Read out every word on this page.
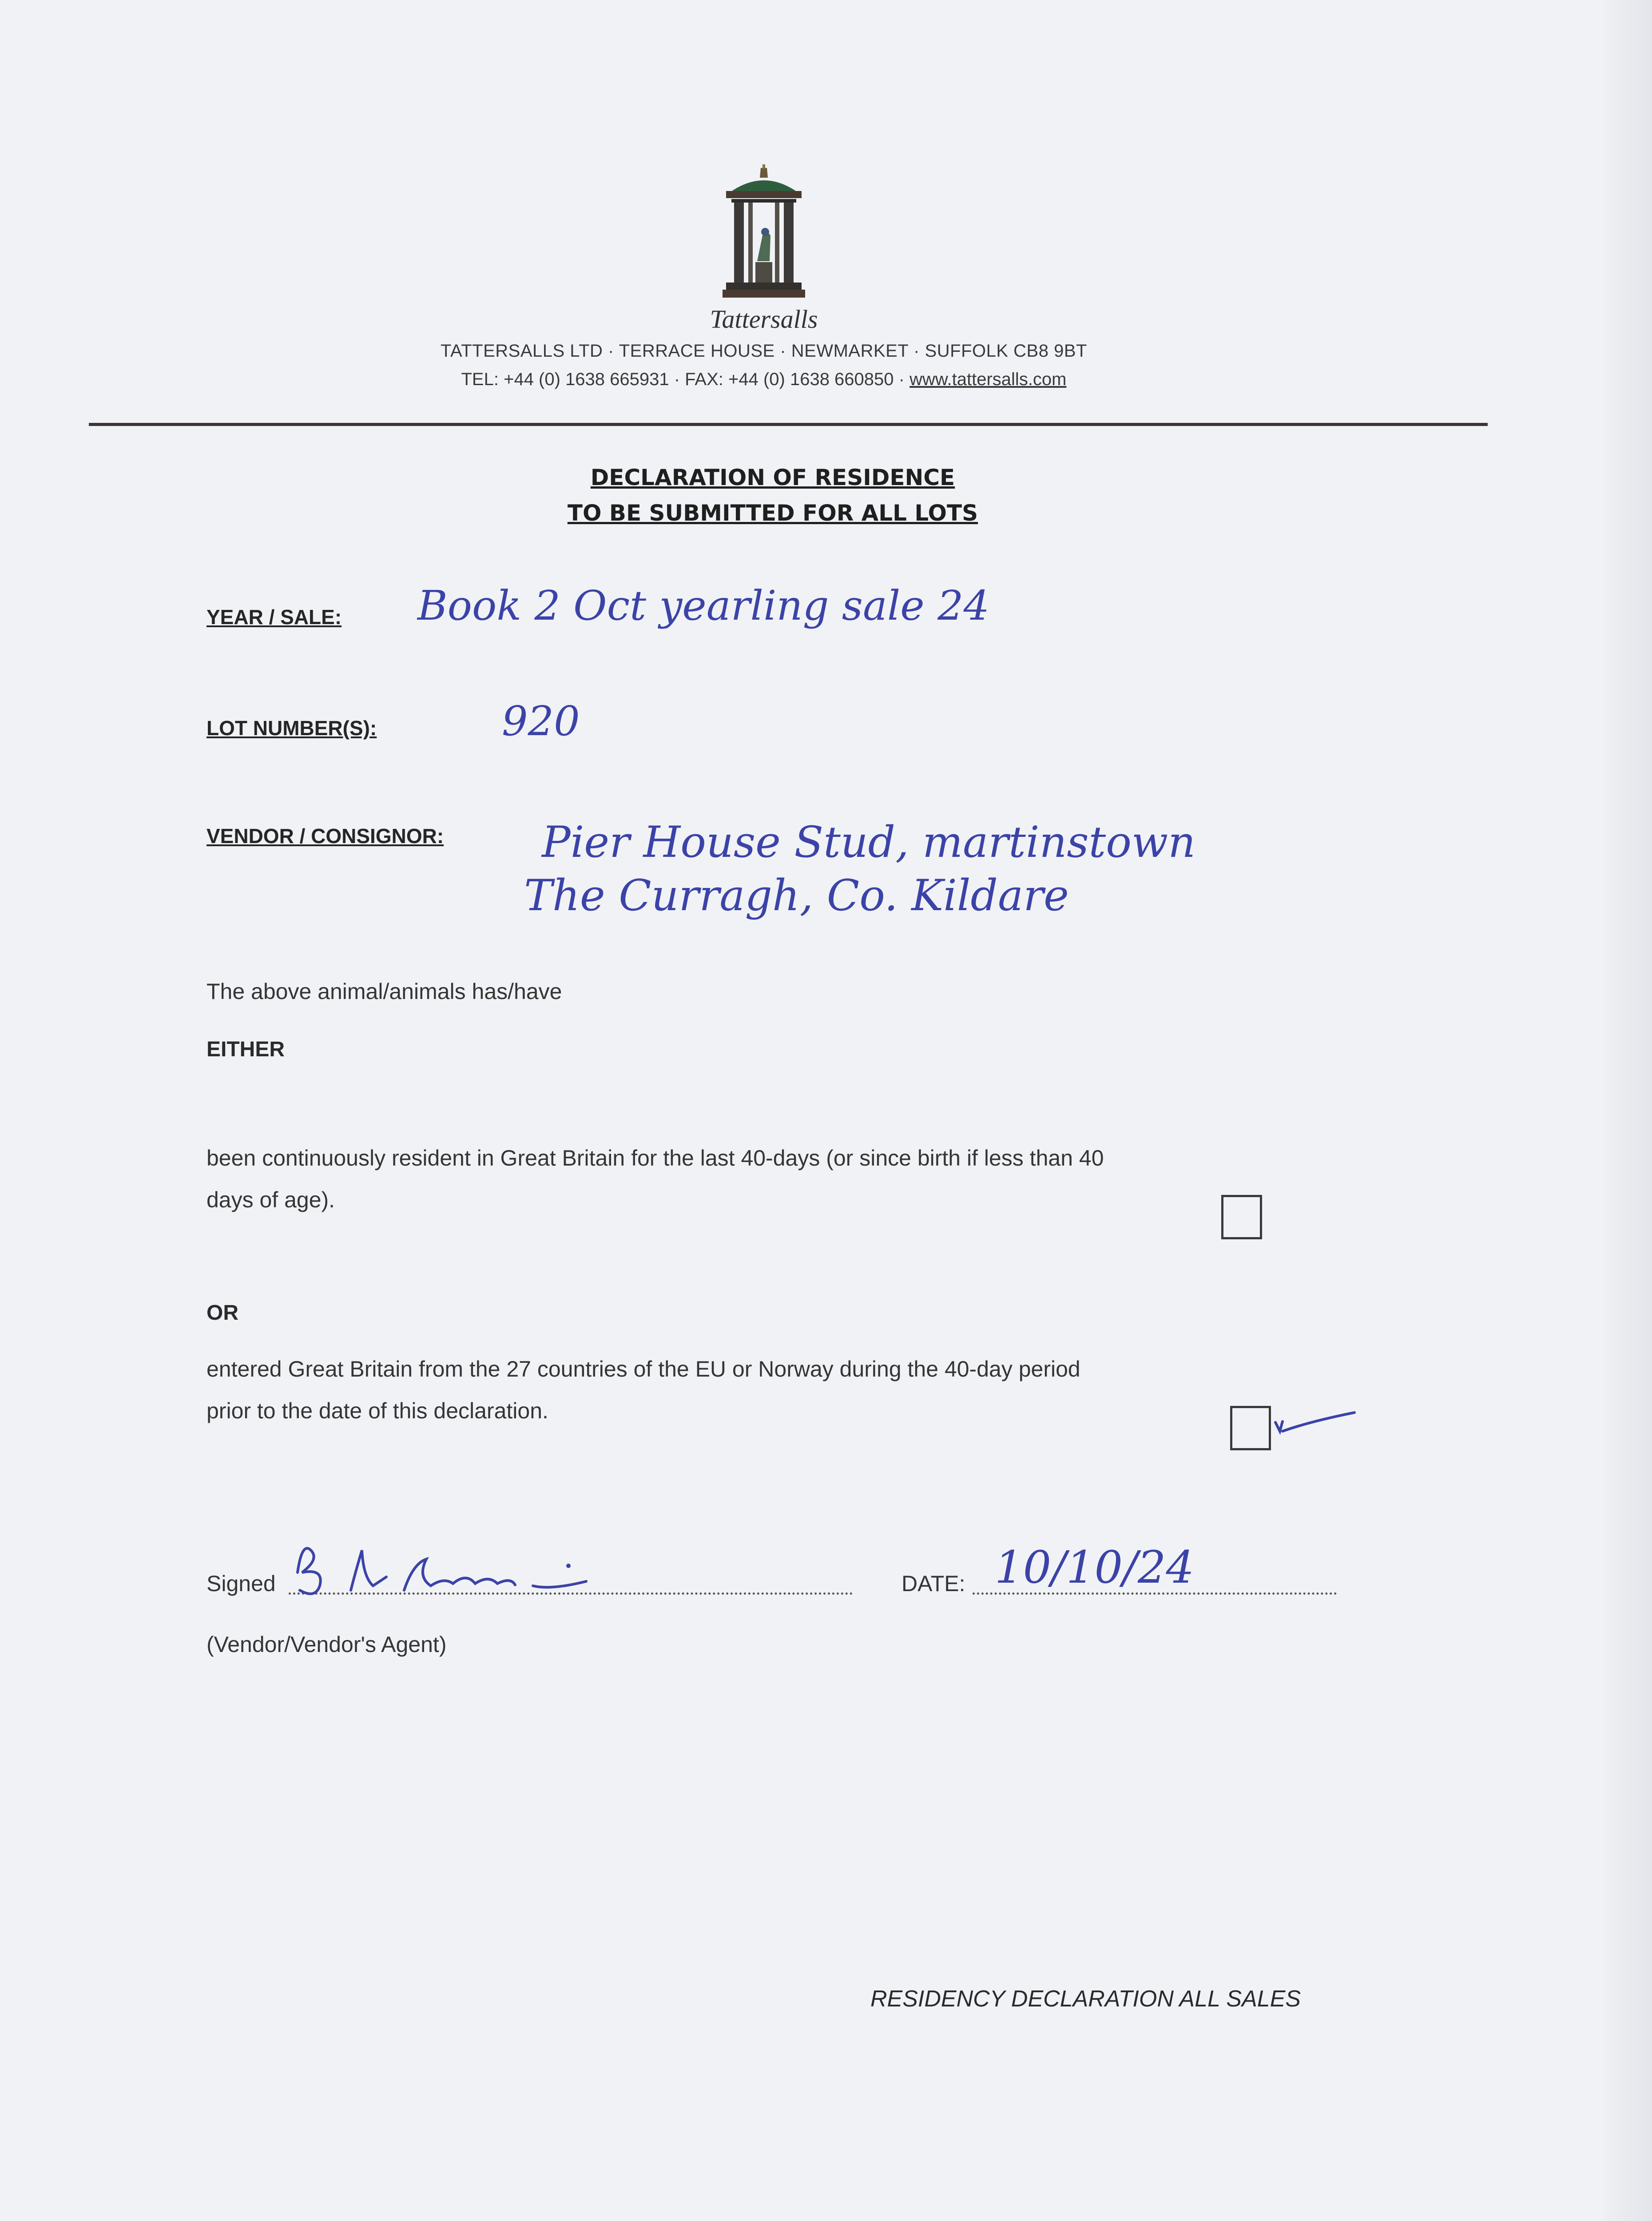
Tattersalls
TATTERSALLS LTD · TERRACE HOUSE · NEWMARKET · SUFFOLK CB8 9BT
TEL: +44 (0) 1638 665931 · FAX: +44 (0) 1638 660850 · www.tattersalls.com
DECLARATION OF RESIDENCE
TO BE SUBMITTED FOR ALL LOTS
YEAR / SALE: Book 2 Oct yearling sale 24
LOT NUMBER(S):	920
VENDOR / CONSIGNOR: Pier House Stud, martinstown
The Curragh, Co. Kildare
The above animal/animals has/have
EITHER
been continuously resident in Great Britain for the last 40-days (or since birth if less than 40
days of age).
OR
entered Great Britain from the 27 countries of the EU or Norway during the 40-day period
prior to the date of this declaration.
Signed	DATE: 10/10/24
(Vendor/Vendor's Agent)
RESIDENCY DECLARATION ALL SALES
